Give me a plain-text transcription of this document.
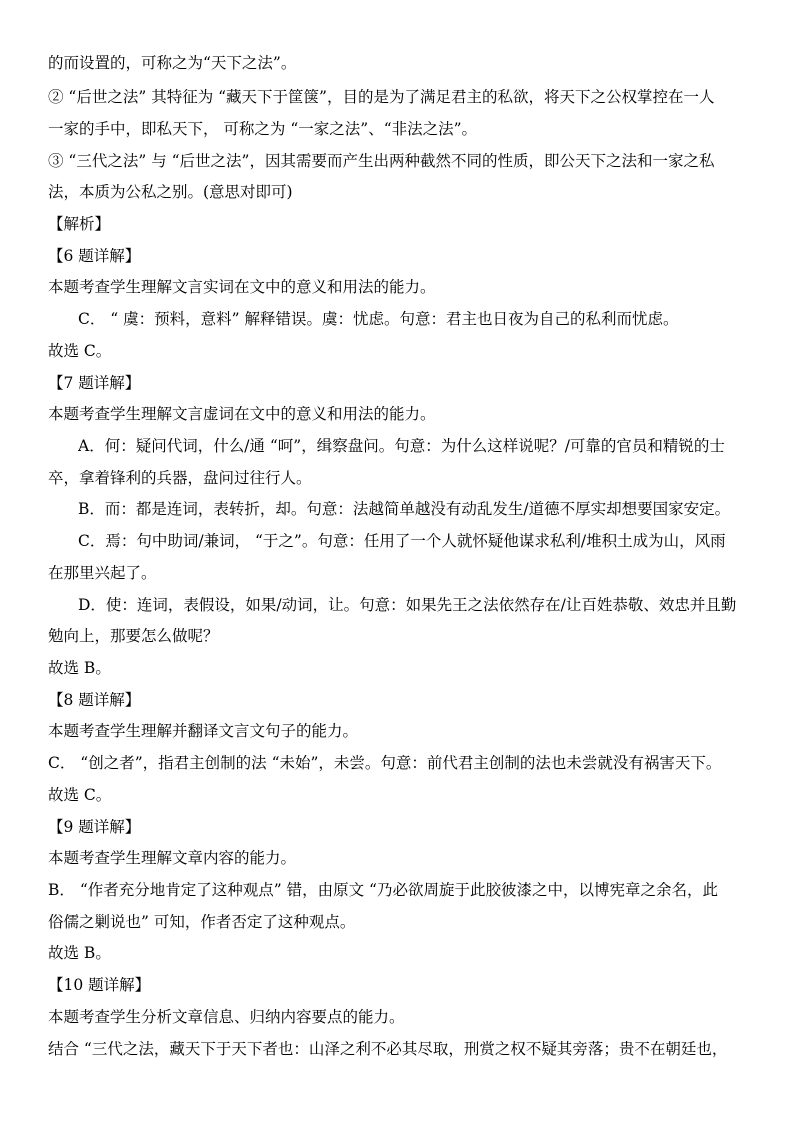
的而设置的，可称之为“天下之法”。
② “后世之法” 其特征为 “藏天下于筐箧”，目的是为了满足君主的私欲，将天下之公权掌控在一人
一家的手中，即私天下， 可称之为 “一家之法”、“非法之法”。
③ “三代之法” 与 “后世之法”，因其需要而产生出两种截然不同的性质，即公天下之法和一家之私
法，本质为公私之别。(意思对即可)
【解析】
【6 题详解】
本题考查学生理解文言实词在文中的意义和用法的能力。
C． “ 虞：预料，意料” 解释错误。虞：忧虑。句意：君主也日夜为自己的私利而忧虑。
故选 C。
【7 题详解】
本题考查学生理解文言虚词在文中的意义和用法的能力。
A．何：疑问代词，什么/通 “呵”，缉察盘问。句意：为什么这样说呢？/可靠的官员和精锐的士
卒，拿着锋利的兵器，盘问过往行人。
B．而：都是连词，表转折，却。句意：法越简单越没有动乱发生/道德不厚实却想要国家安定。
C．焉：句中助词/兼词， “于之”。句意：任用了一个人就怀疑他谋求私利/堆积土成为山，风雨
在那里兴起了。
D．使：连词，表假设，如果/动词，让。句意：如果先王之法依然存在/让百姓恭敬、效忠并且勤
勉向上，那要怎么做呢？
故选 B。
【8 题详解】
本题考查学生理解并翻译文言文句子的能力。
C． “创之者”，指君主创制的法 “未始”，未尝。句意：前代君主创制的法也未尝就没有祸害天下。
故选 C。
【9 题详解】
本题考查学生理解文章内容的能力。
B． “作者充分地肯定了这种观点” 错，由原文 “乃必欲周旋于此胶彼漆之中，以博宪章之余名，此
俗儒之剿说也” 可知，作者否定了这种观点。
故选 B。
【10 题详解】
本题考查学生分析文章信息、归纳内容要点的能力。
结合 “三代之法，藏天下于天下者也：山泽之利不必其尽取，刑赏之权不疑其旁落；贵不在朝廷也，
